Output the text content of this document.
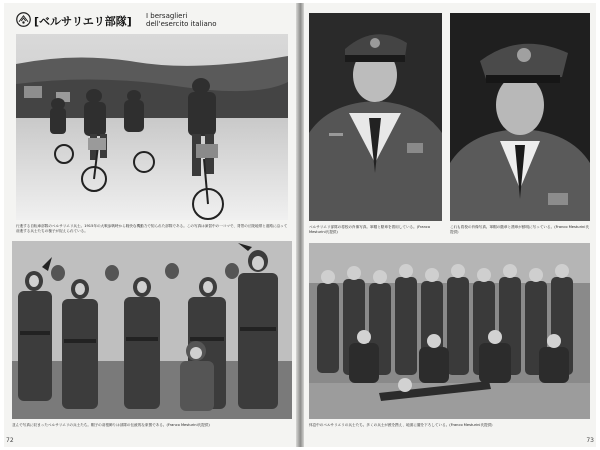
[ベルサリエリ部隊] I bersaglieri
dell'esercito italiano
行進する自転車部隊のベルサリエリ兵士。1915年の大戦参戦時から軽快な機動力で知られた部隊である。この写真は演習中の一コマで、背景の丘陵地帯と道路に沿って前進する兵士たちの様子が捉えられている。
並んで写真に収まったベルサリエリの兵士たち。帽子の羽根飾りは部隊の伝統的な象徴である。(Franco Mesturini氏提供)
72
ベルサリエリ部隊の将校の肖像写真。軍帽と勲章を着用している。(Franco Mesturini氏提供)
これも将校の肖像写真。軍帽の徽章と襟章が鮮明に写っている。(Franco Mesturini氏提供)
休息中のベルサリエリの兵士たち。多くの兵士が銃を携え、地面に腰を下ろしている。(Franco Mesturini氏提供)
73
